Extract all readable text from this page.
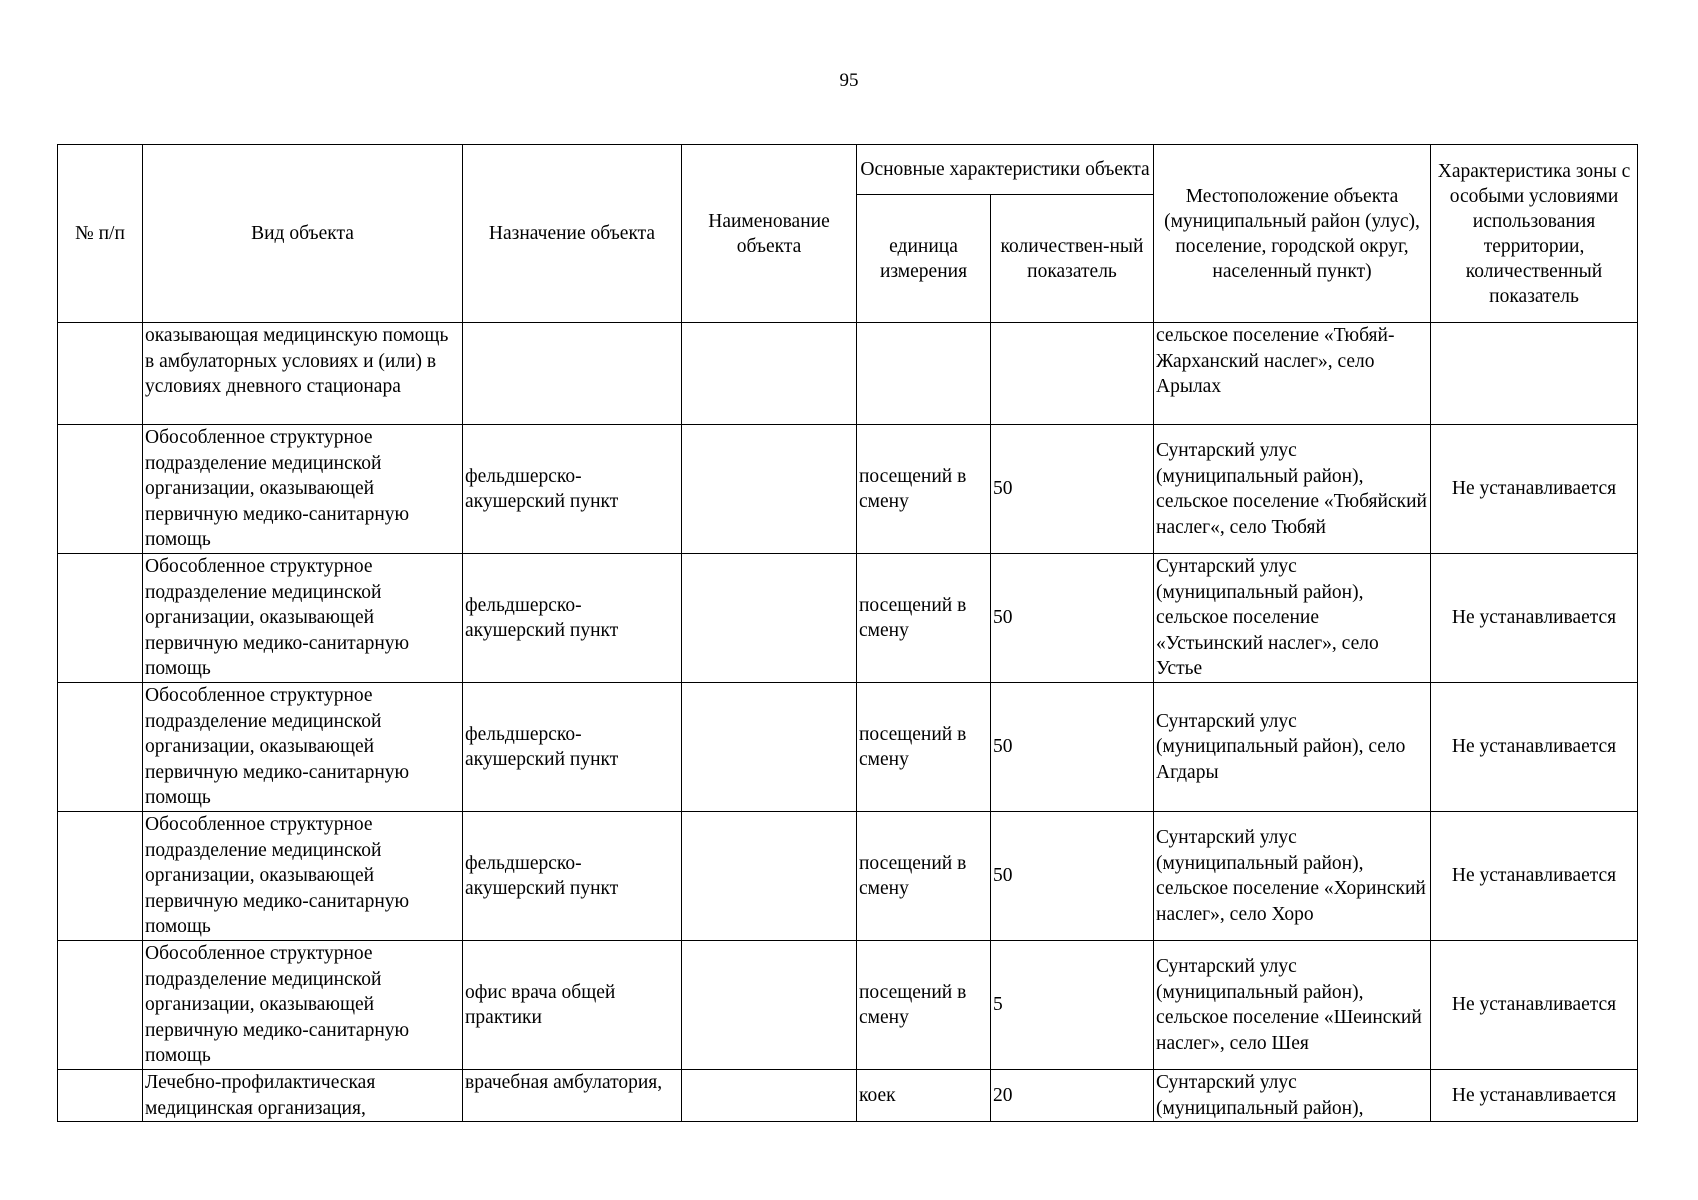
95
№ п/п	Вид объекта	Назначение объекта	Наименование объекта	Основные характеристики объекта		Местоположение объекта (муниципальный район (улус), поселение, городской округ, населенный пункт)	Характеристика зоны с особыми условиями использования территории, количественный показатель
				единица измерения	количествен-ный показатель		
	оказывающая медицинскую помощь в амбулаторных условиях и (или) в условиях дневного стационара					сельское поселение «Тюбяй-Жарханский наслег», село Арылах	
	Обособленное структурное подразделение медицинской организации, оказывающей первичную медико-санитарную помощь	фельдшерско-акушерский пункт		посещений в смену	50	Сунтарский улус (муниципальный район), сельское поселение «Тюбяйский наслег«, село Тюбяй	Не устанавливается
	Обособленное структурное подразделение медицинской организации, оказывающей первичную медико-санитарную помощь	фельдшерско-акушерский пункт		посещений в смену	50	Сунтарский улус (муниципальный район), сельское поселение «Устьинский наслег», село Устье	Не устанавливается
	Обособленное структурное подразделение медицинской организации, оказывающей первичную медико-санитарную помощь	фельдшерско-акушерский пункт		посещений в смену	50	Сунтарский улус (муниципальный район), село Агдары	Не устанавливается
	Обособленное структурное подразделение медицинской организации, оказывающей первичную медико-санитарную помощь	фельдшерско-акушерский пункт		посещений в смену	50	Сунтарский улус (муниципальный район), сельское поселение «Хоринский наслег», село Хоро	Не устанавливается
	Обособленное структурное подразделение медицинской организации, оказывающей первичную медико-санитарную помощь	офис врача общей практики		посещений в смену	5	Сунтарский улус (муниципальный район), сельское поселение «Шеинский наслег», село Шея	Не устанавливается
	Лечебно-профилактическая медицинская организация,	врачебная амбулатория,		коек	20	Сунтарский улус (муниципальный район),	Не устанавливается
